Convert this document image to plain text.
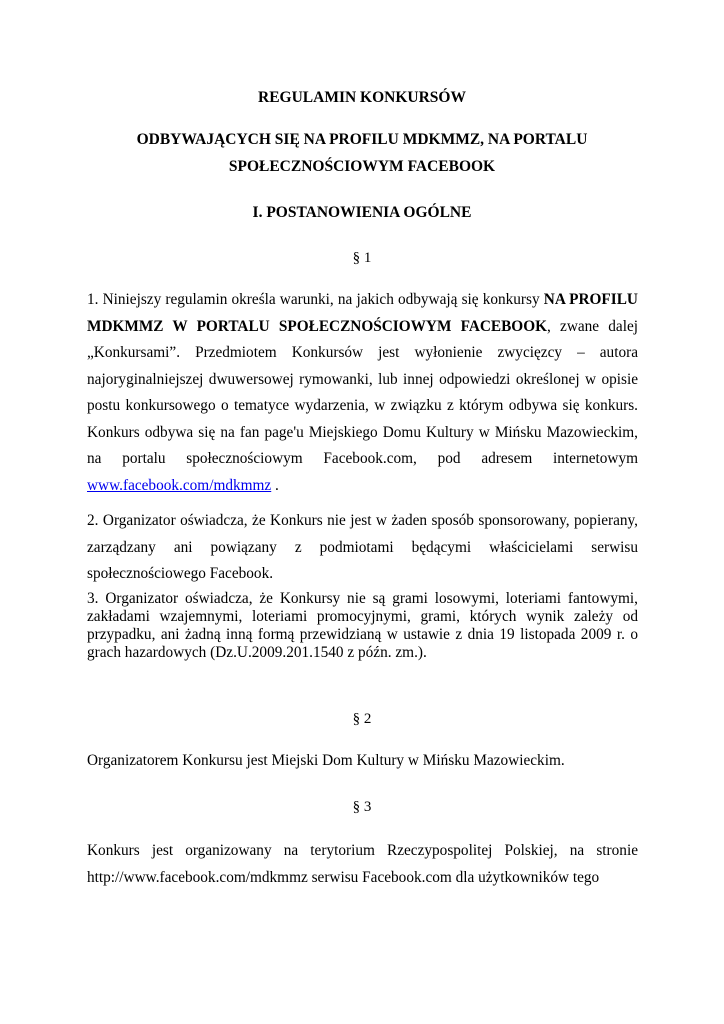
REGULAMIN KONKURSÓW

ODBYWAJĄCYCH SIĘ NA PROFILU MDKMMZ, NA PORTALU

SPOŁECZNOŚCIOWYM FACEBOOK

I. POSTANOWIENIA OGÓLNE

§ 1

1. Niniejszy regulamin określa warunki, na jakich odbywają się konkursy NA PROFILU MDKMMZ W PORTALU SPOŁECZNOŚCIOWYM FACEBOOK, zwane dalej „Konkursami”. Przedmiotem Konkursów jest wyłonienie zwycięzcy – autora najoryginalniejszej dwuwersowej rymowanki, lub innej odpowiedzi określonej w opisie postu konkursowego o tematyce wydarzenia, w związku z którym odbywa się konkurs. Konkurs odbywa się na fan page'u Miejskiego Domu Kultury w Mińsku Mazowieckim, na portalu społecznościowym Facebook.com, pod adresem internetowym www.facebook.com/mdkmmz .

2. Organizator oświadcza, że Konkurs nie jest w żaden sposób sponsorowany, popierany, zarządzany ani powiązany z podmiotami będącymi właścicielami serwisu społecznościowego Facebook.

3. Organizator oświadcza, że Konkursy nie są grami losowymi, loteriami fantowymi, zakładami wzajemnymi, loteriami promocyjnymi, grami, których wynik zależy od przypadku, ani żadną inną formą przewidzianą w ustawie z dnia 19 listopada 2009 r. o grach hazardowych (Dz.U.2009.201.1540 z późn. zm.).

§ 2

Organizatorem Konkursu jest Miejski Dom Kultury w Mińsku Mazowieckim.

§ 3

Konkurs jest organizowany na terytorium Rzeczypospolitej Polskiej, na stronie http://www.facebook.com/mdkmmz serwisu Facebook.com dla użytkowników tego
